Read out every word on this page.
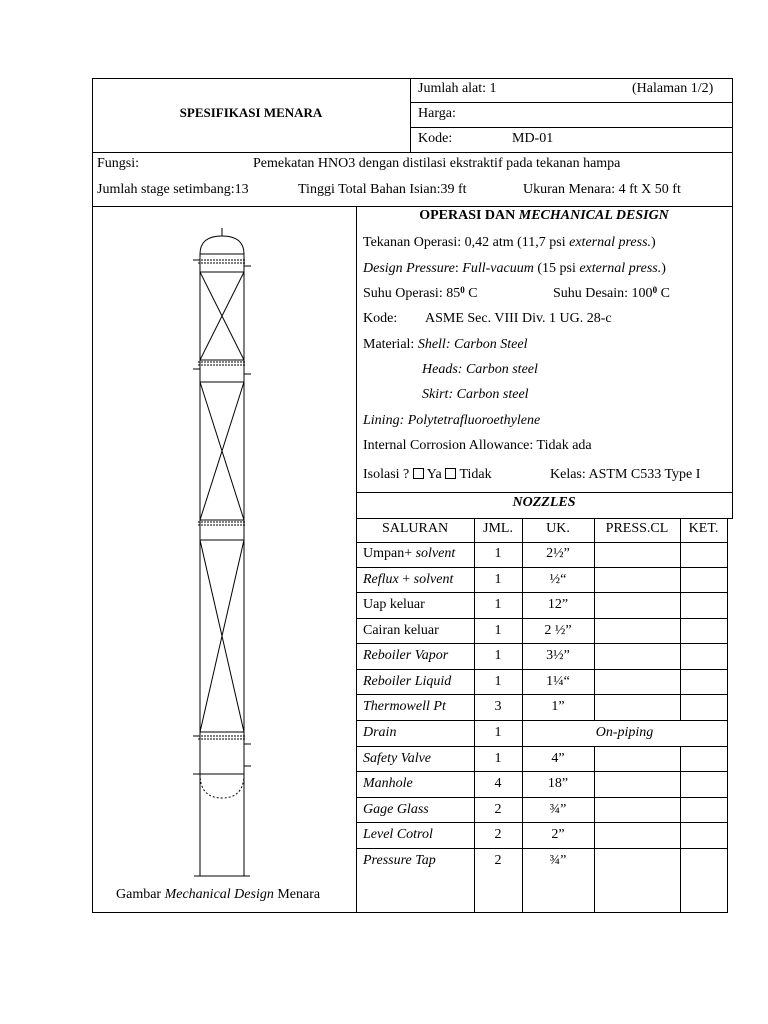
SPESIFIKASI MENARA
Jumlah alat: 1	(Halaman 1/2)
Harga:
Kode:	MD-01
Fungsi:	Pemekatan HNO3 dengan distilasi ekstraktif pada tekanan hampa
Jumlah stage setimbang:13	Tinggi Total Bahan Isian:39 ft	Ukuran Menara: 4 ft X 50 ft
OPERASI DAN MECHANICAL DESIGN
Tekanan Operasi: 0,42 atm (11,7 psi external press.)
Design Pressure: Full-vacuum (15 psi external press.)
Suhu Operasi: $85^0$ C	Suhu Desain: $100^0$ C
Kode: ASME Sec. VIII Div. 1 UG. 28-c
Material: Shell: Carbon Steel
Heads: Carbon steel
Skirt: Carbon steel
Lining: Polytetrafluoroethylene
Internal Corrosion Allowance: Tidak ada
Isolasi ? Ya Tidak	Kelas: ASTM C533 Type I
NOZZLES
SALURAN	JML.	UK.	PRESS.CL	KET.
Umpan+ solvent	1	2½”
Reflux + solvent	1	½“
Uap keluar	1	12”
Cairan keluar	1	2 ½”
Reboiler Vapor	1	3½”
Reboiler Liquid	1	1¼“
Thermowell Pt	3	1”
Drain	1	On-piping
Safety Valve	1	4”
Manhole	4	18”
Gage Glass	2	¾”
Level Cotrol	2	2”
Pressure Tap	2	¾”
Gambar Mechanical Design Menara
